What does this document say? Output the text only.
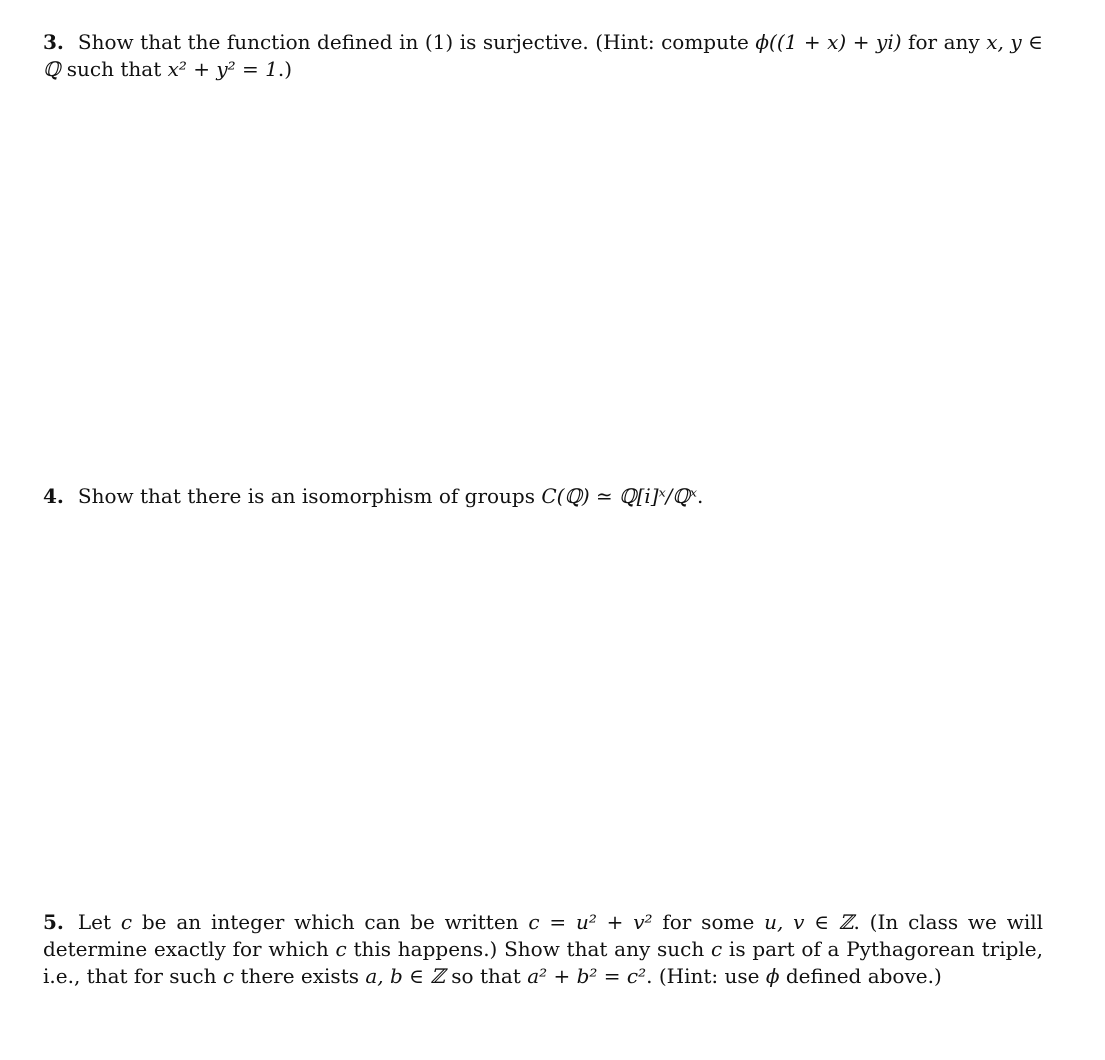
3. Show that the function defined in (1) is surjective. (Hint: compute ϕ((1 + x) + yi) for any x, y ∈ ℚ such that x² + y² = 1.)
4. Show that there is an isomorphism of groups C(ℚ) ≃ ℚ[i]ˣ/ℚˣ.
5. Let c be an integer which can be written c = u² + v² for some u, v ∈ ℤ. (In class we will determine exactly for which c this happens.) Show that any such c is part of a Pythagorean triple, i.e., that for such c there exists a, b ∈ ℤ so that a² + b² = c². (Hint: use ϕ defined above.)
